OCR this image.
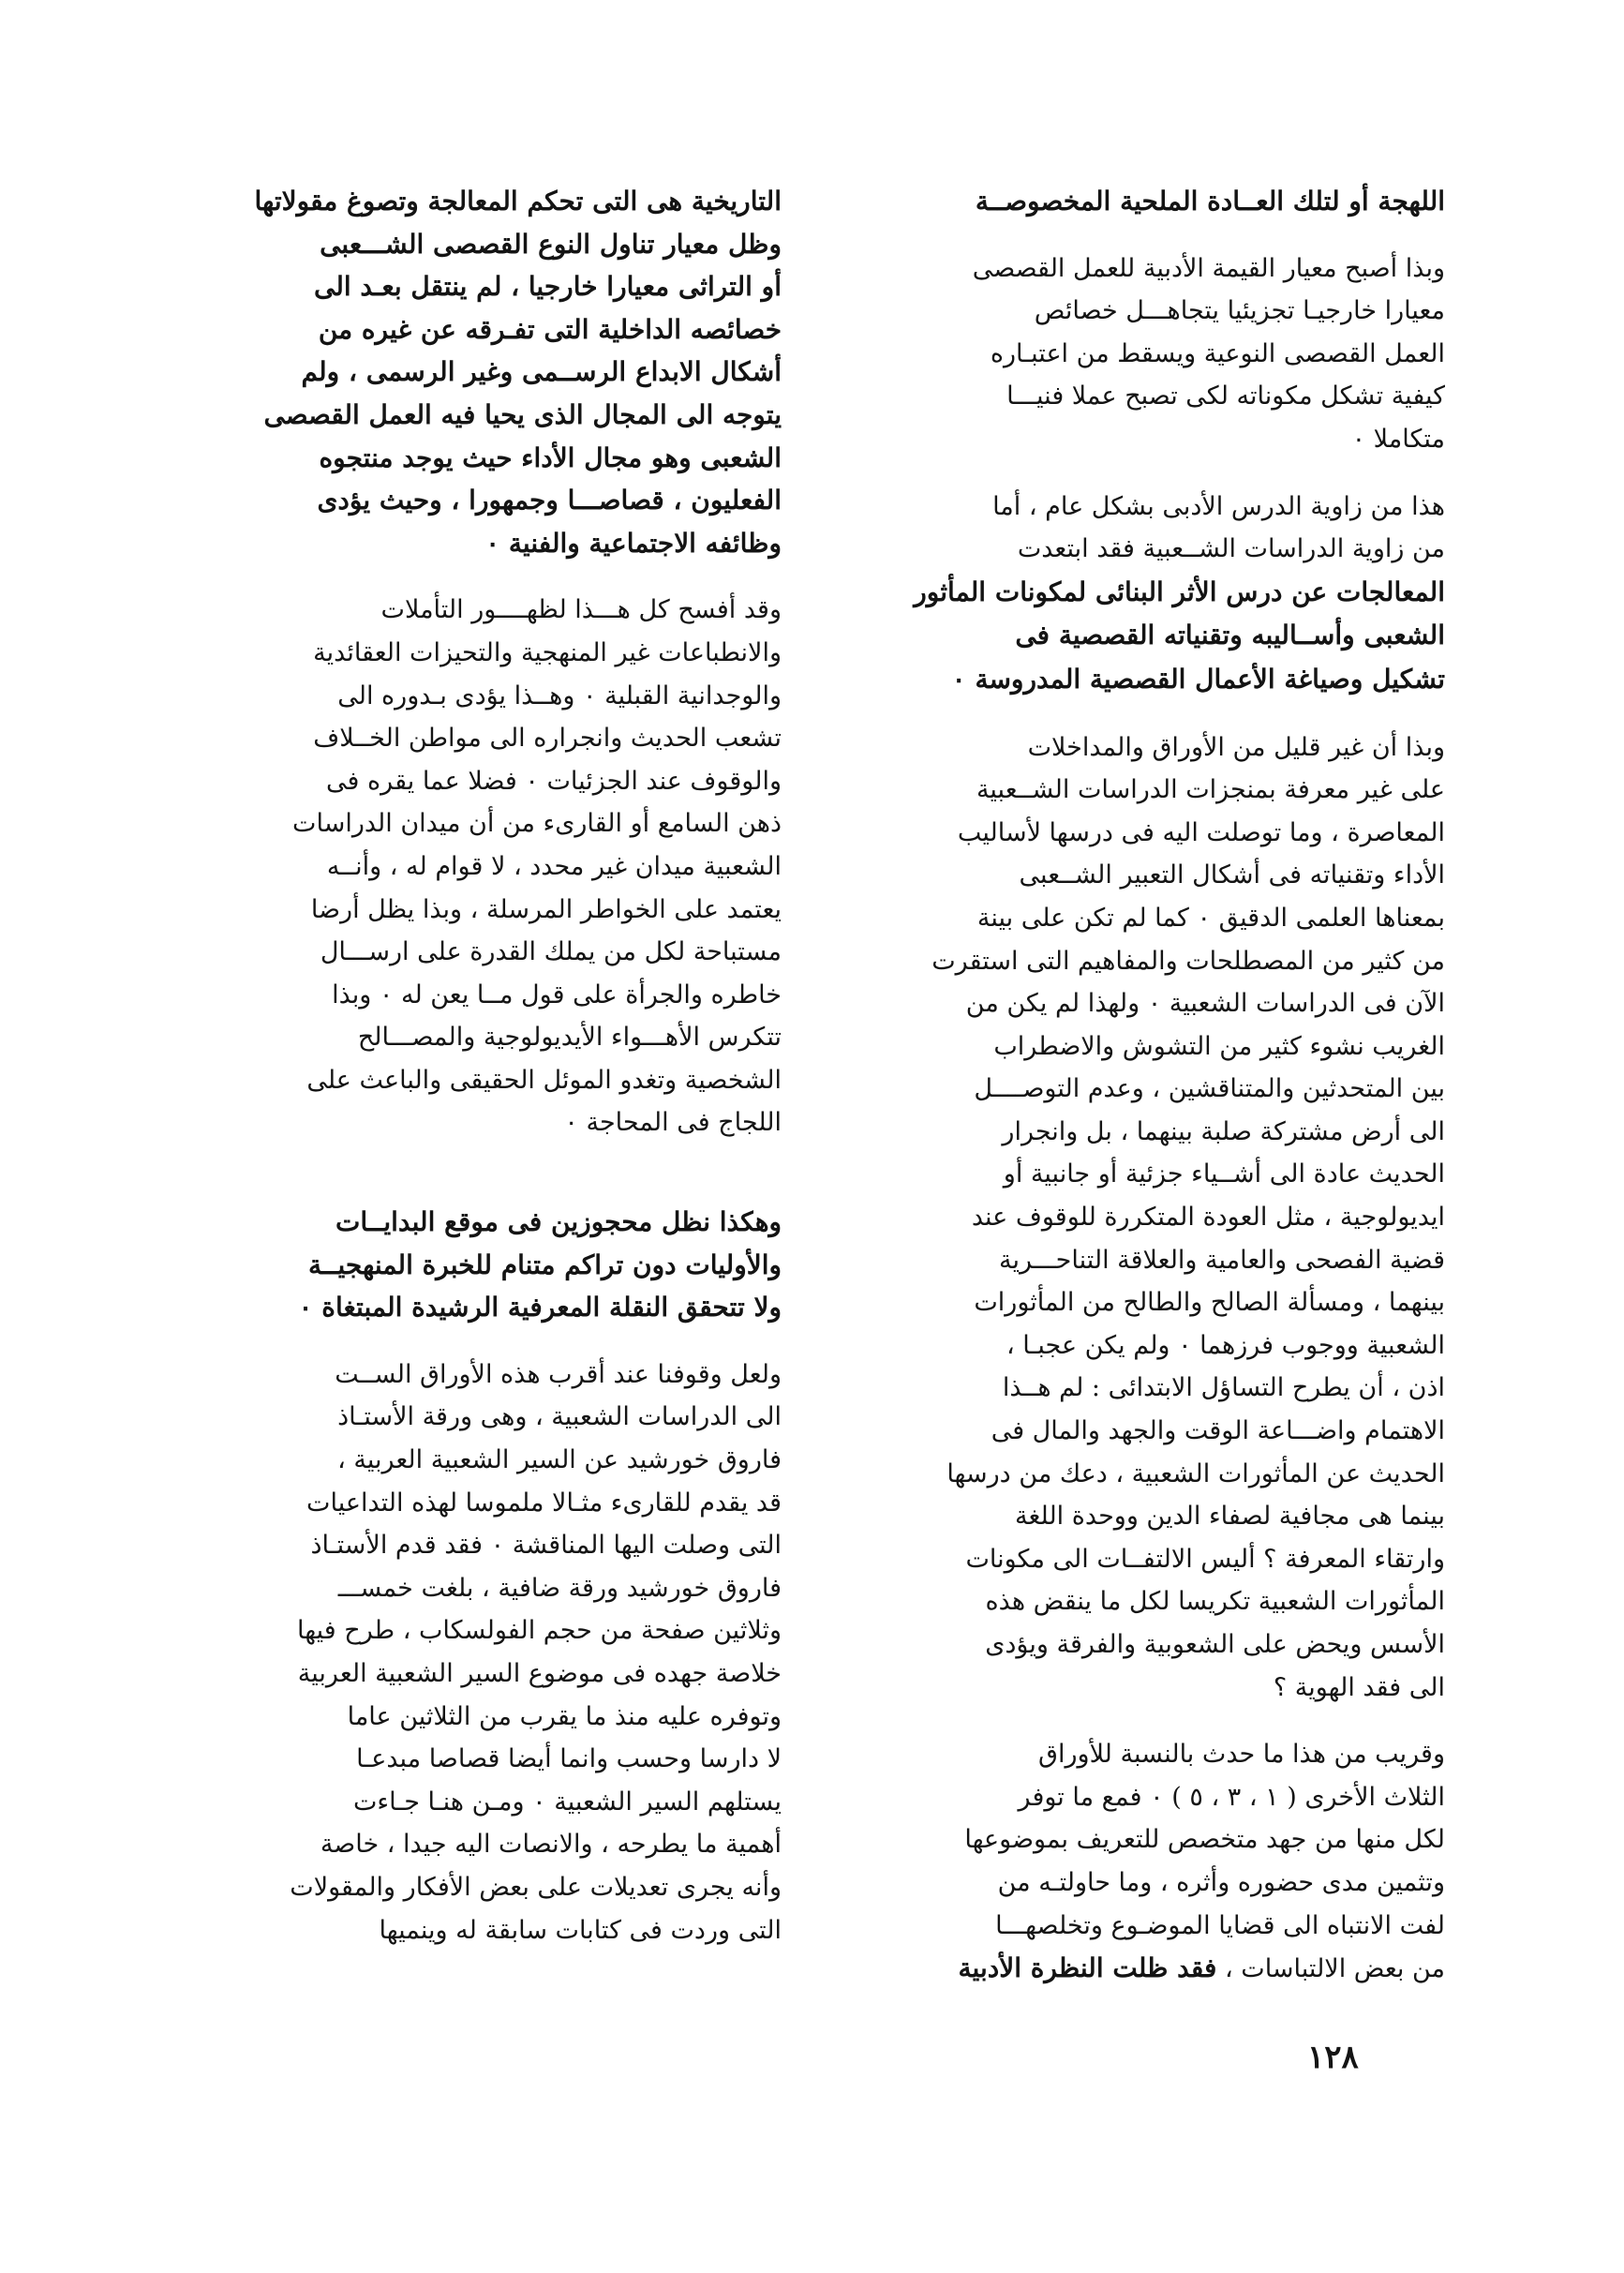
اللهجة أو لتلك العــادة الملحية المخصوصــة

وبذا أصبح معيار القيمة الأدبية للعمل القصصى
معيارا خارجيـا تجزيئيا يتجاهـــل خصائص
العمل القصصى النوعية ويسقط من اعتبـاره
كيفية تشكل مكوناته لكى تصبح عملا فنيـــا
متكاملا ٠

هذا من زاوية الدرس الأدبى بشكل عام ، أما
من زاوية الدراسات الشــعبية فقد ابتعدت
المعالجات عن درس الأثر البنائى لمكونات المأثور
الشعبى وأســاليبه وتقنياته القصصية فى
تشكيل وصياغة الأعمال القصصية المدروسة ٠

وبذا أن غير قليل من الأوراق والمداخلات
على غير معرفة بمنجزات الدراسات الشــعبية
المعاصرة ، وما توصلت اليه فى درسها لأساليب
الأداء وتقنياته فى أشكال التعبير الشــعبى
بمعناها العلمى الدقيق ٠ كما لم تكن على بينة
من كثير من المصطلحات والمفاهيم التى استقرت
الآن فى الدراسات الشعبية ٠ ولهذا لم يكن من
الغريب نشوء كثير من التشوش والاضطراب
بين المتحدثين والمتناقشين ، وعدم التوصــــل
الى أرض مشتركة صلبة بينهما ، بل وانجرار
الحديث عادة الى أشــياء جزئية أو جانبية أو
ايديولوجية ، مثل العودة المتكررة للوقوف عند
قضية الفصحى والعامية والعلاقة التناحـــرية
بينهما ، ومسألة الصالح والطالح من المأثورات
الشعبية ووجوب فرزهما ٠ ولم يكن عجبـا ،
اذن ، أن يطرح التساؤل الابتدائى : لم هــذا
الاهتمام واضـــاعة الوقت والجهد والمال فى
الحديث عن المأثورات الشعبية ، دعك من درسها
بينما هى مجافية لصفاء الدين ووحدة اللغة
وارتقاء المعرفة ؟ أليس الالتفــات الى مكونات
المأثورات الشعبية تكريسا لكل ما ينقض هذه
الأسس ويحض على الشعوبية والفرقة ويؤدى
الى فقد الهوية ؟

وقريب من هذا ما حدث بالنسبة للأوراق
الثلاث الأخرى ( ١ ، ٣ ، ٥ ) ٠ فمع ما توفر
لكل منها من جهد متخصص للتعريف بموضوعها
وتثمين مدى حضوره وأثره ، وما حاولتـه من
لفت الانتباه الى قضايا الموضـوع وتخلصهـــا
من بعض الالتباسات ، فقد ظلت النظرة الأدبية

التاريخية هى التى تحكم المعالجة وتصوغ مقولاتها
وظل معيار تناول النوع القصصى الشـــعبى
أو التراثى معيارا خارجيا ، لم ينتقل بعـد الى
خصائصه الداخلية التى تفـرقه عن غيره من
أشكال الابداع الرســمى وغير الرسمى ، ولم
يتوجه الى المجال الذى يحيا فيه العمل القصصى
الشعبى وهو مجال الأداء حيث يوجد منتجوه
الفعليون ، قصاصـــا وجمهورا ، وحيث يؤدى
وظائفه الاجتماعية والفنية ٠

وقد أفسح كل هـــذا لظهــــور التأملات
والانطباعات غير المنهجية والتحيزات العقائدية
والوجدانية القبلية ٠ وهــذا يؤدى بـدوره الى
تشعب الحديث وانجراره الى مواطن الخــلاف
والوقوف عند الجزئيات ٠ فضلا عما يقره فى
ذهن السامع أو القارىء من أن ميدان الدراسات
الشعبية ميدان غير محدد ، لا قوام له ، وأنــه
يعتمد على الخواطر المرسلة ، وبذا يظل أرضا
مستباحة لكل من يملك القدرة على ارســـال
خاطره والجرأة على قول مــا يعن له ٠ وبذا
تتكرس الأهـــواء الأيديولوجية والمصـــالح
الشخصية وتغدو الموئل الحقيقى والباعث على
اللجاج فى المحاجة ٠

وهكذا نظل محجوزين فى موقع البدايــات
والأوليات دون تراكم متنام للخبرة المنهجيــة
ولا تتحقق النقلة المعرفية الرشيدة المبتغاة ٠

ولعل وقوفنا عند أقرب هذه الأوراق الســت
الى الدراسات الشعبية ، وهى ورقة الأستـاذ
فاروق خورشيد عن السير الشعبية العربية ،
قد يقدم للقارىء مثـالا ملموسا لهذه التداعيات
التى وصلت اليها المناقشة ٠ فقد قدم الأستـاذ
فاروق خورشيد ورقة ضافية ، بلغت خمســـ
وثلاثين صفحة من حجم الفولسكاب ، طرح فيها
خلاصة جهده فى موضوع السير الشعبية العربية
وتوفره عليه منذ ما يقرب من الثلاثين عاما
لا دارسا وحسب وانما أيضا قصاصا مبدعـا
يستلهم السير الشعبية ٠ ومـن هنـا جـاءت
أهمية ما يطرحه ، والانصات اليه جيدا ، خاصة
وأنه يجرى تعديلات على بعض الأفكار والمقولات
التى وردت فى كتابات سابقة له وينميها

١٢٨
